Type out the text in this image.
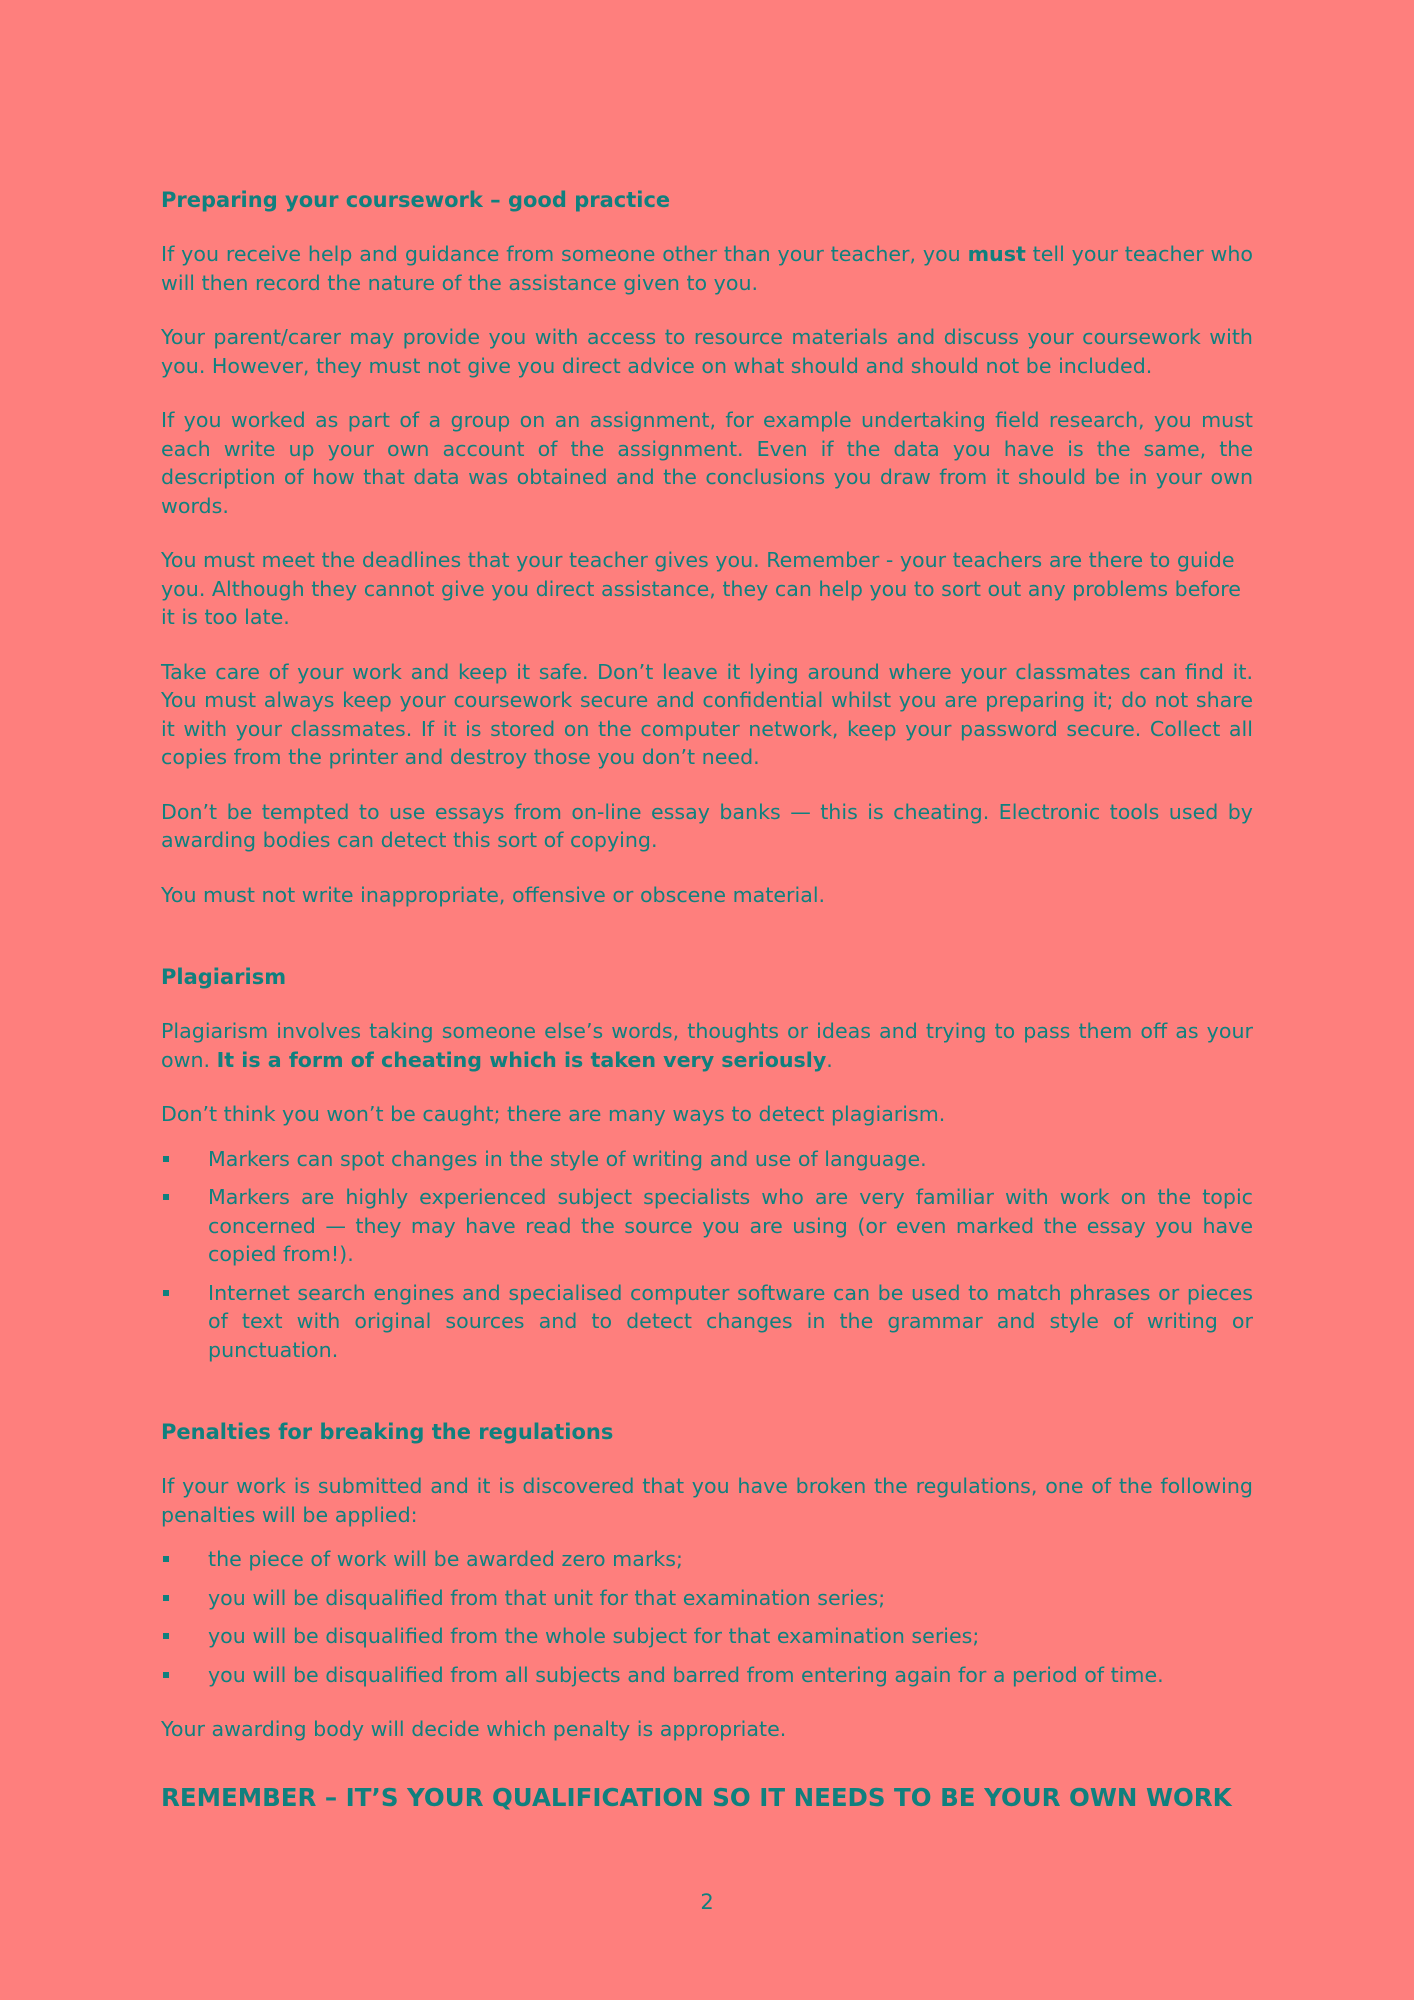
Preparing your coursework – good practice

If you receive help and guidance from someone other than your teacher, you must tell your teacher who will then record the nature of the assistance given to you.

Your parent/carer may provide you with access to resource materials and discuss your coursework with you. However, they must not give you direct advice on what should and should not be included.

If you worked as part of a group on an assignment, for example undertaking field research, you must each write up your own account of the assignment. Even if the data you have is the same, the description of how that data was obtained and the conclusions you draw from it should be in your own words.

You must meet the deadlines that your teacher gives you. Remember - your teachers are there to guide you. Although they cannot give you direct assistance, they can help you to sort out any problems before it is too late.

Take care of your work and keep it safe. Don’t leave it lying around where your classmates can find it. You must always keep your coursework secure and confidential whilst you are preparing it; do not share it with your classmates. If it is stored on the computer network, keep your password secure. Collect all copies from the printer and destroy those you don’t need.

Don’t be tempted to use essays from on-line essay banks — this is cheating. Electronic tools used by awarding bodies can detect this sort of copying.

You must not write inappropriate, offensive or obscene material.

Plagiarism

Plagiarism involves taking someone else’s words, thoughts or ideas and trying to pass them off as your own. It is a form of cheating which is taken very seriously.

Don’t think you won’t be caught; there are many ways to detect plagiarism.

Markers can spot changes in the style of writing and use of language.
Markers are highly experienced subject specialists who are very familiar with work on the topic concerned — they may have read the source you are using (or even marked the essay you have copied from!).
Internet search engines and specialised computer software can be used to match phrases or pieces of text with original sources and to detect changes in the grammar and style of writing or punctuation.
Penalties for breaking the regulations

If your work is submitted and it is discovered that you have broken the regulations, one of the following penalties will be applied:

the piece of work will be awarded zero marks;
you will be disqualified from that unit for that examination series;
you will be disqualified from the whole subject for that examination series;
you will be disqualified from all subjects and barred from entering again for a period of time.

Your awarding body will decide which penalty is appropriate.

REMEMBER – IT’S YOUR QUALIFICATION SO IT NEEDS TO BE YOUR OWN WORK
2
